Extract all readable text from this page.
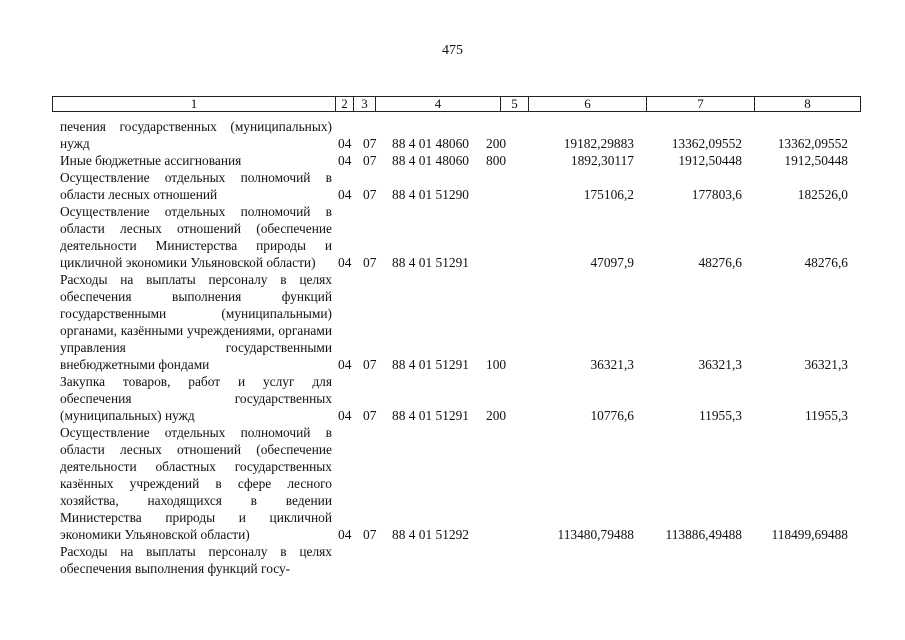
475
1	2	3	4	5	6	7	8
печения государственных (муниципальных) нужд	04 07 88 4 01 48060 200	19182,29883	13362,09552	13362,09552
Иные бюджетные ассигнования	04 07 88 4 01 48060 800	1892,30117	1912,50448	1912,50448
Осуществление отдельных полномочий в области лесных отношений	04 07 88 4 01 51290	175106,2	177803,6	182526,0
Осуществление отдельных полномочий в области лесных отношений (обеспечение деятельности Министерства природы и цикличной экономики Ульяновской области)	04 07 88 4 01 51291	47097,9	48276,6	48276,6
Расходы на выплаты персоналу в целях обеспечения выполнения функций государственными (муниципальными) органами, казёнными учреждениями, органами управления государственными внебюджетными фондами	04 07 88 4 01 51291 100	36321,3	36321,3	36321,3
Закупка товаров, работ и услуг для обеспечения государственных (муниципальных) нужд	04 07 88 4 01 51291 200	10776,6	11955,3	11955,3
Осуществление отдельных полномочий в области лесных отношений (обеспечение деятельности областных государственных казённых учреждений в сфере лесного хозяйства, находящихся в ведении Министерства природы и цикличной экономики Ульяновской области)	04 07 88 4 01 51292	113480,79488 113886,49488 118499,69488
Расходы на выплаты персоналу в целях обеспечения выполнения функций госу-
